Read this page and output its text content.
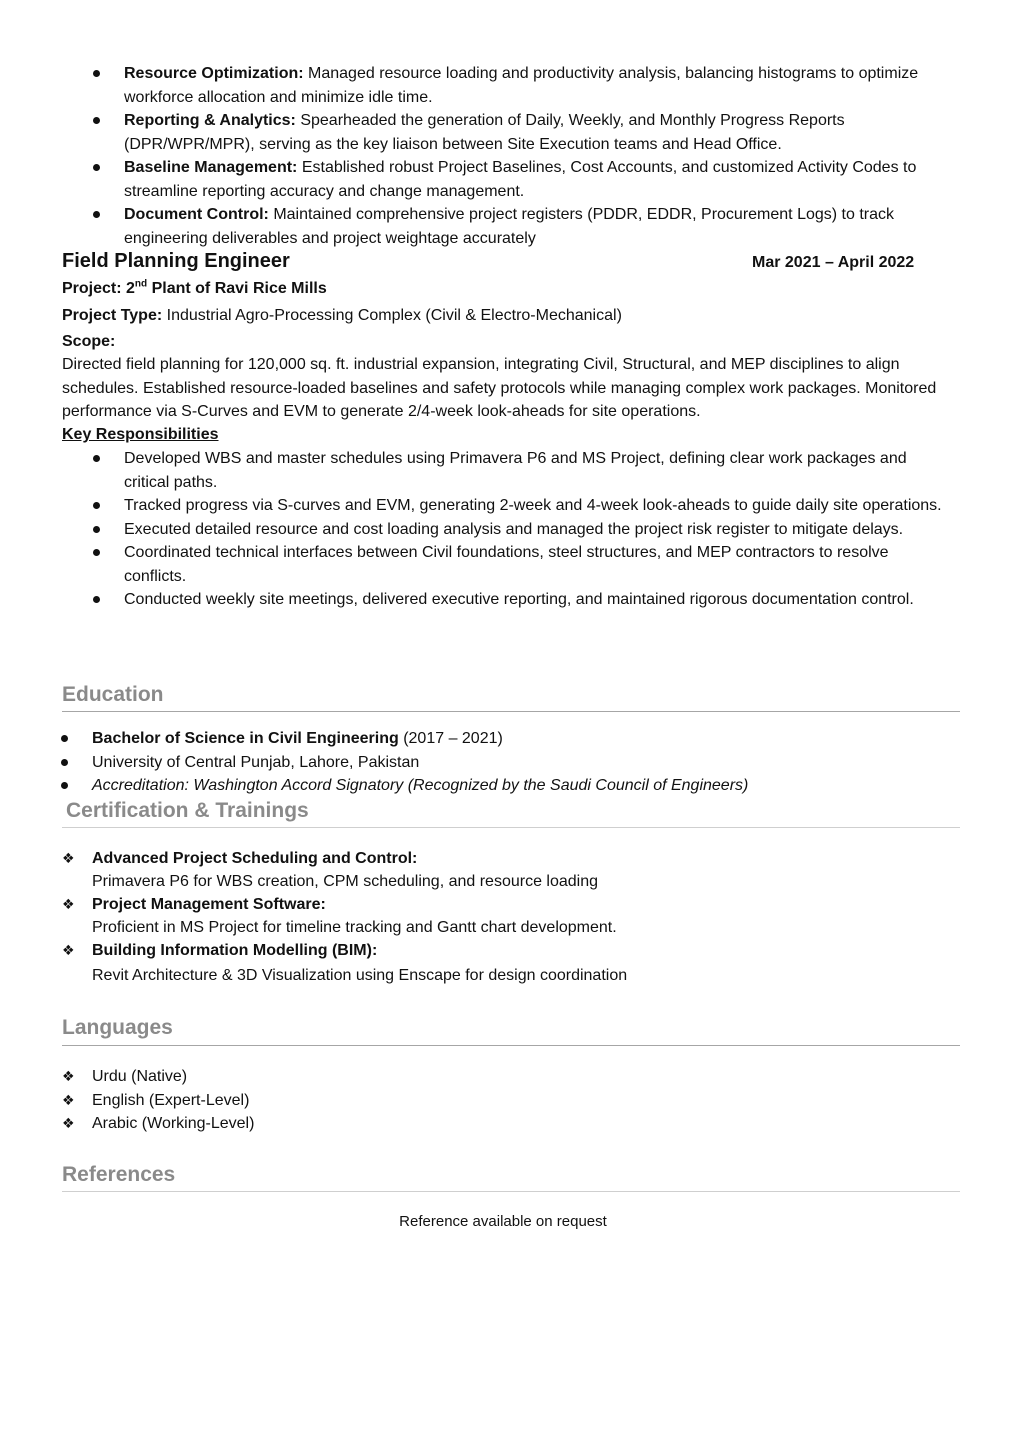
Resource Optimization: Managed resource loading and productivity analysis, balancing histograms to optimize workforce allocation and minimize idle time.
Reporting & Analytics: Spearheaded the generation of Daily, Weekly, and Monthly Progress Reports (DPR/WPR/MPR), serving as the key liaison between Site Execution teams and Head Office.
Baseline Management: Established robust Project Baselines, Cost Accounts, and customized Activity Codes to streamline reporting accuracy and change management.
Document Control: Maintained comprehensive project registers (PDDR, EDDR, Procurement Logs) to track engineering deliverables and project weightage accurately
Field Planning Engineer	Mar 2021 – April 2022
Project: 2nd Plant of Ravi Rice Mills
Project Type: Industrial Agro-Processing Complex (Civil & Electro-Mechanical)
Scope:
Directed field planning for 120,000 sq. ft. industrial expansion, integrating Civil, Structural, and MEP disciplines to align schedules. Established resource-loaded baselines and safety protocols while managing complex work packages. Monitored performance via S-Curves and EVM to generate 2/4-week look-aheads for site operations.
Key Responsibilities
Developed WBS and master schedules using Primavera P6 and MS Project, defining clear work packages and critical paths.
Tracked progress via S-curves and EVM, generating 2-week and 4-week look-aheads to guide daily site operations.
Executed detailed resource and cost loading analysis and managed the project risk register to mitigate delays.
Coordinated technical interfaces between Civil foundations, steel structures, and MEP contractors to resolve conflicts.
Conducted weekly site meetings, delivered executive reporting, and maintained rigorous documentation control.
Education
Bachelor of Science in Civil Engineering (2017 – 2021)
University of Central Punjab, Lahore, Pakistan
Accreditation: Washington Accord Signatory (Recognized by the Saudi Council of Engineers)
Certification & Trainings
❖ Advanced Project Scheduling and Control:
Primavera P6 for WBS creation, CPM scheduling, and resource loading
❖ Project Management Software:
Proficient in MS Project for timeline tracking and Gantt chart development.
❖ Building Information Modelling (BIM):
Revit Architecture & 3D Visualization using Enscape for design coordination
Languages
❖ Urdu (Native)
❖ English (Expert-Level)
❖ Arabic (Working-Level)
References
Reference available on request
